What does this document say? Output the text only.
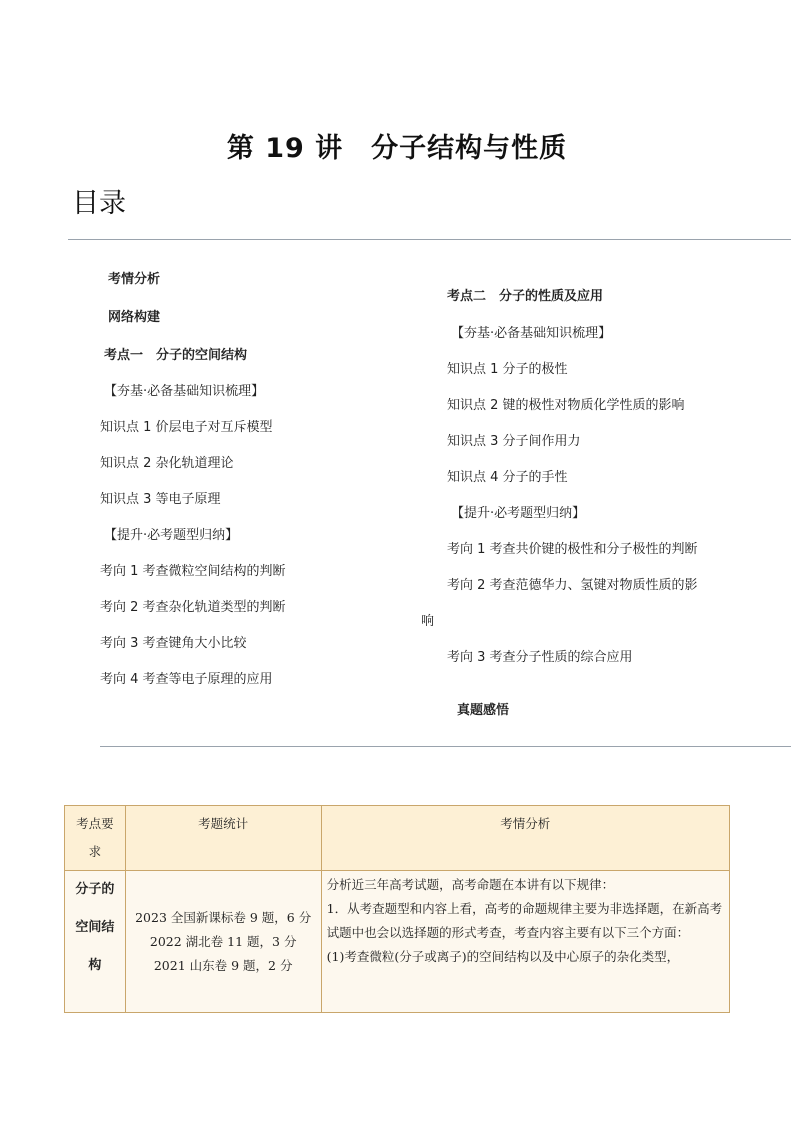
第 19 讲　分子结构与性质
目录
考情分析
网络构建
考点一　分子的空间结构
【夯基·必备基础知识梳理】
知识点 1 价层电子对互斥模型
知识点 2 杂化轨道理论
知识点 3 等电子原理
【提升·必考题型归纳】
考向 1 考查微粒空间结构的判断
考向 2 考查杂化轨道类型的判断
考向 3 考查键角大小比较
考向 4 考查等电子原理的应用
考点二　分子的性质及应用
【夯基·必备基础知识梳理】
知识点 1 分子的极性
知识点 2 键的极性对物质化学性质的影响
知识点 3 分子间作用力
知识点 4 分子的手性
【提升·必考题型归纳】
考向 1 考查共价键的极性和分子极性的判断
考向 2 考查范德华力、氢键对物质性质的影
响
考向 3 考查分子性质的综合应用
真题感悟
考点要求	考题统计	考情分析
分子的空间结构	2023 全国新课标卷 9 题，6 分
2022 湖北卷 11 题，3 分
2021 山东卷 9 题，2 分	分析近三年高考试题，高考命题在本讲有以下规律：
1．从考查题型和内容上看，高考的命题规律主要为非选择题，在新高考试题中也会以选择题的形式考查，考查内容主要有以下三个方面：
(1)考查微粒(分子或离子)的空间结构以及中心原子的杂化类型，
